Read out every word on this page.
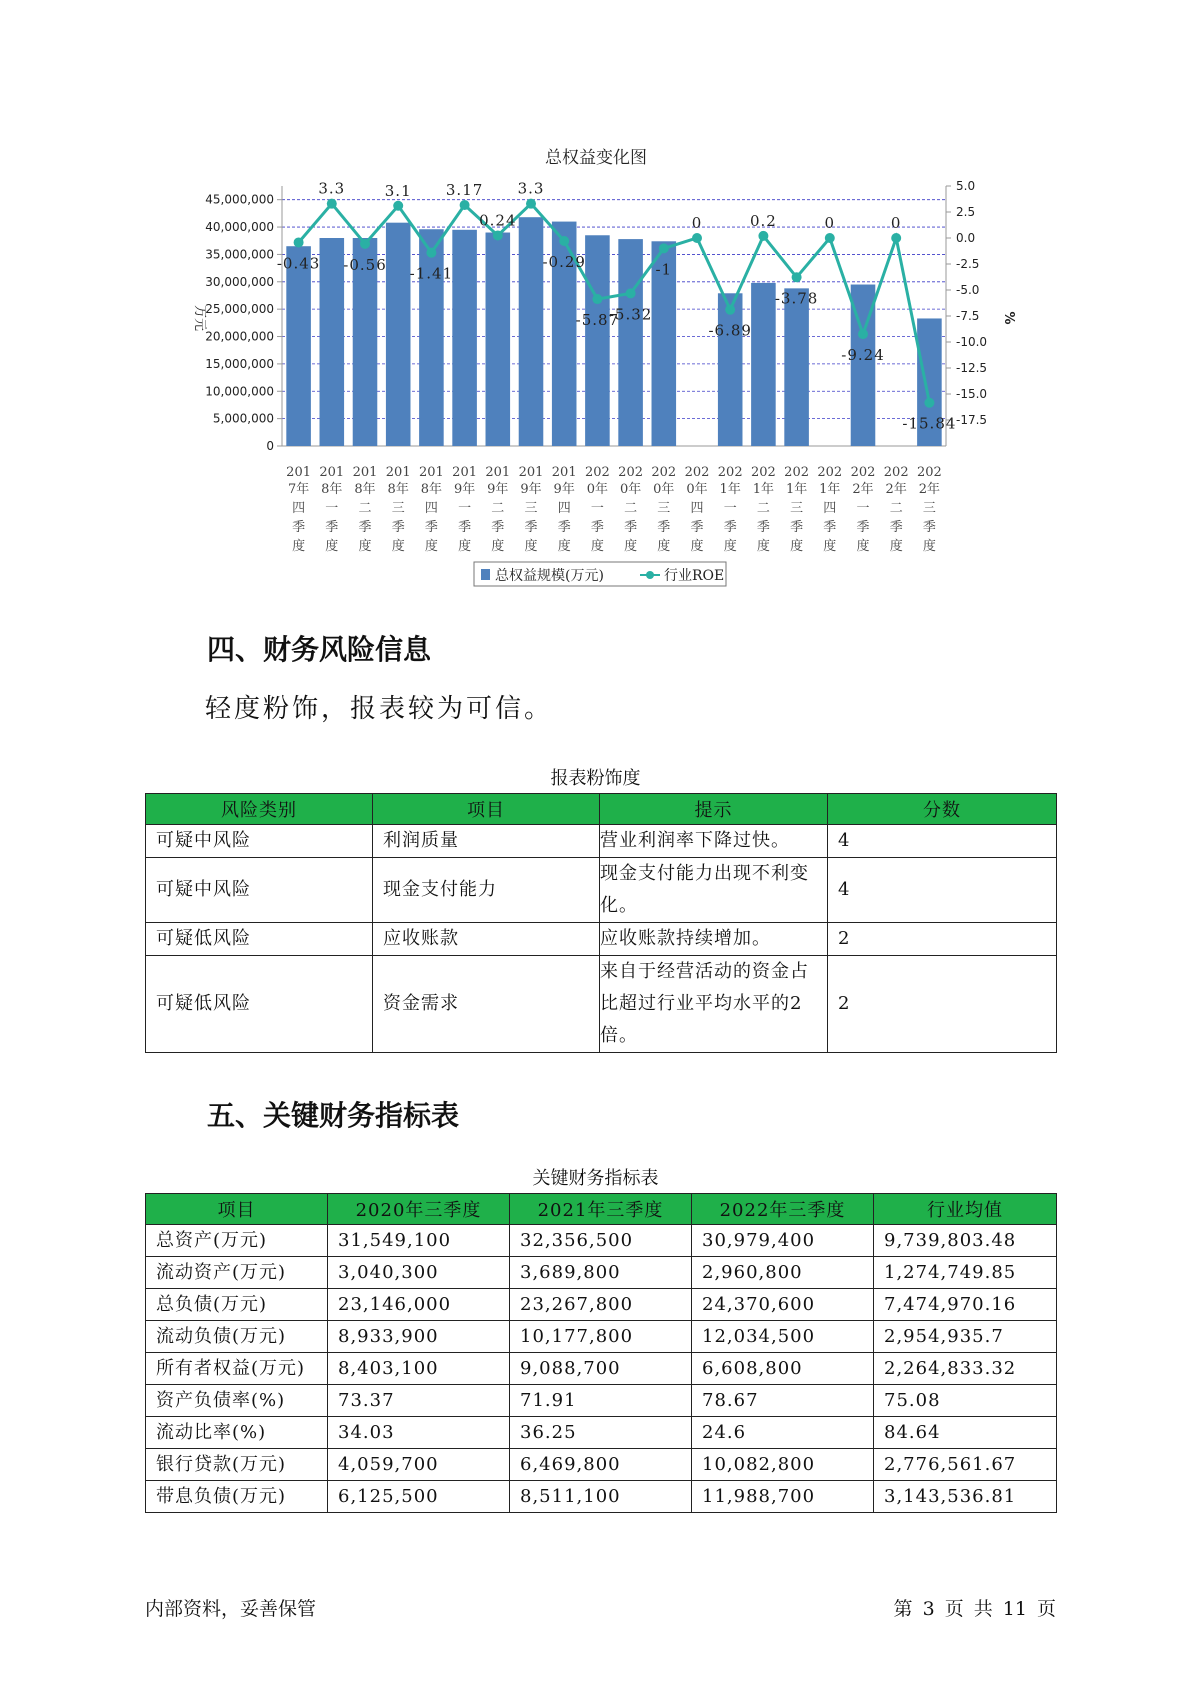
总权益变化图
0
5,000,000
10,000,000
15,000,000
20,000,000
25,000,000
30,000,000
35,000,000
40,000,000
45,000,000
5.0
2.5
0.0
-2.5
-5.0
-7.5
-10.0
-12.5
-15.0
-17.5
万元	%
-0.43
3.3
-0.56
3.1
-1.41
3.17
0.24
3.3
-0.29
-5.87
-5.32
-1
0
-6.89
0.2
-3.78
0
-9.24
0
-15.84
201 7年四季度
201 8年一季度
201 8年二季度
201 8年三季度
201 8年四季度
201 9年一季度
201 9年二季度
201 9年三季度
201 9年四季度
202 0年一季度
202 0年二季度
202 0年三季度
202 0年四季度
202 1年一季度
202 1年二季度
202 1年三季度
202 1年四季度
202 2年一季度
202 2年二季度
202 2年三季度
总权益规模(万元)	行业ROE
四、财务风险信息

轻度粉饰，报表较为可信。

报表粉饰度

风险类别	项目	提示	分数
可疑中风险	利润质量	营业利润率下降过快。	4
可疑中风险	现金支付能力	现金支付能力出现不利变化。	4
可疑低风险	应收账款	应收账款持续增加。	2
可疑低风险	资金需求	来自于经营活动的资金占比超过行业平均水平的2倍。	2
五、关键财务指标表

关键财务指标表

项目	2020年三季度	2021年三季度	2022年三季度	行业均值
总资产(万元)	31,549,100	32,356,500	30,979,400	9,739,803.48
流动资产(万元)	3,040,300	3,689,800	2,960,800	1,274,749.85
总负债(万元)	23,146,000	23,267,800	24,370,600	7,474,970.16
流动负债(万元)	8,933,900	10,177,800	12,034,500	2,954,935.7
所有者权益(万元)	8,403,100	9,088,700	6,608,800	2,264,833.32
资产负债率(%)	73.37	71.91	78.67	75.08
流动比率(%)	34.03	36.25	24.6	84.64
银行贷款(万元)	4,059,700	6,469,800	10,082,800	2,776,561.67
带息负债(万元)	6,125,500	8,511,100	11,988,700	3,143,536.81
内部资料，妥善保管	第 3 页 共 11 页
